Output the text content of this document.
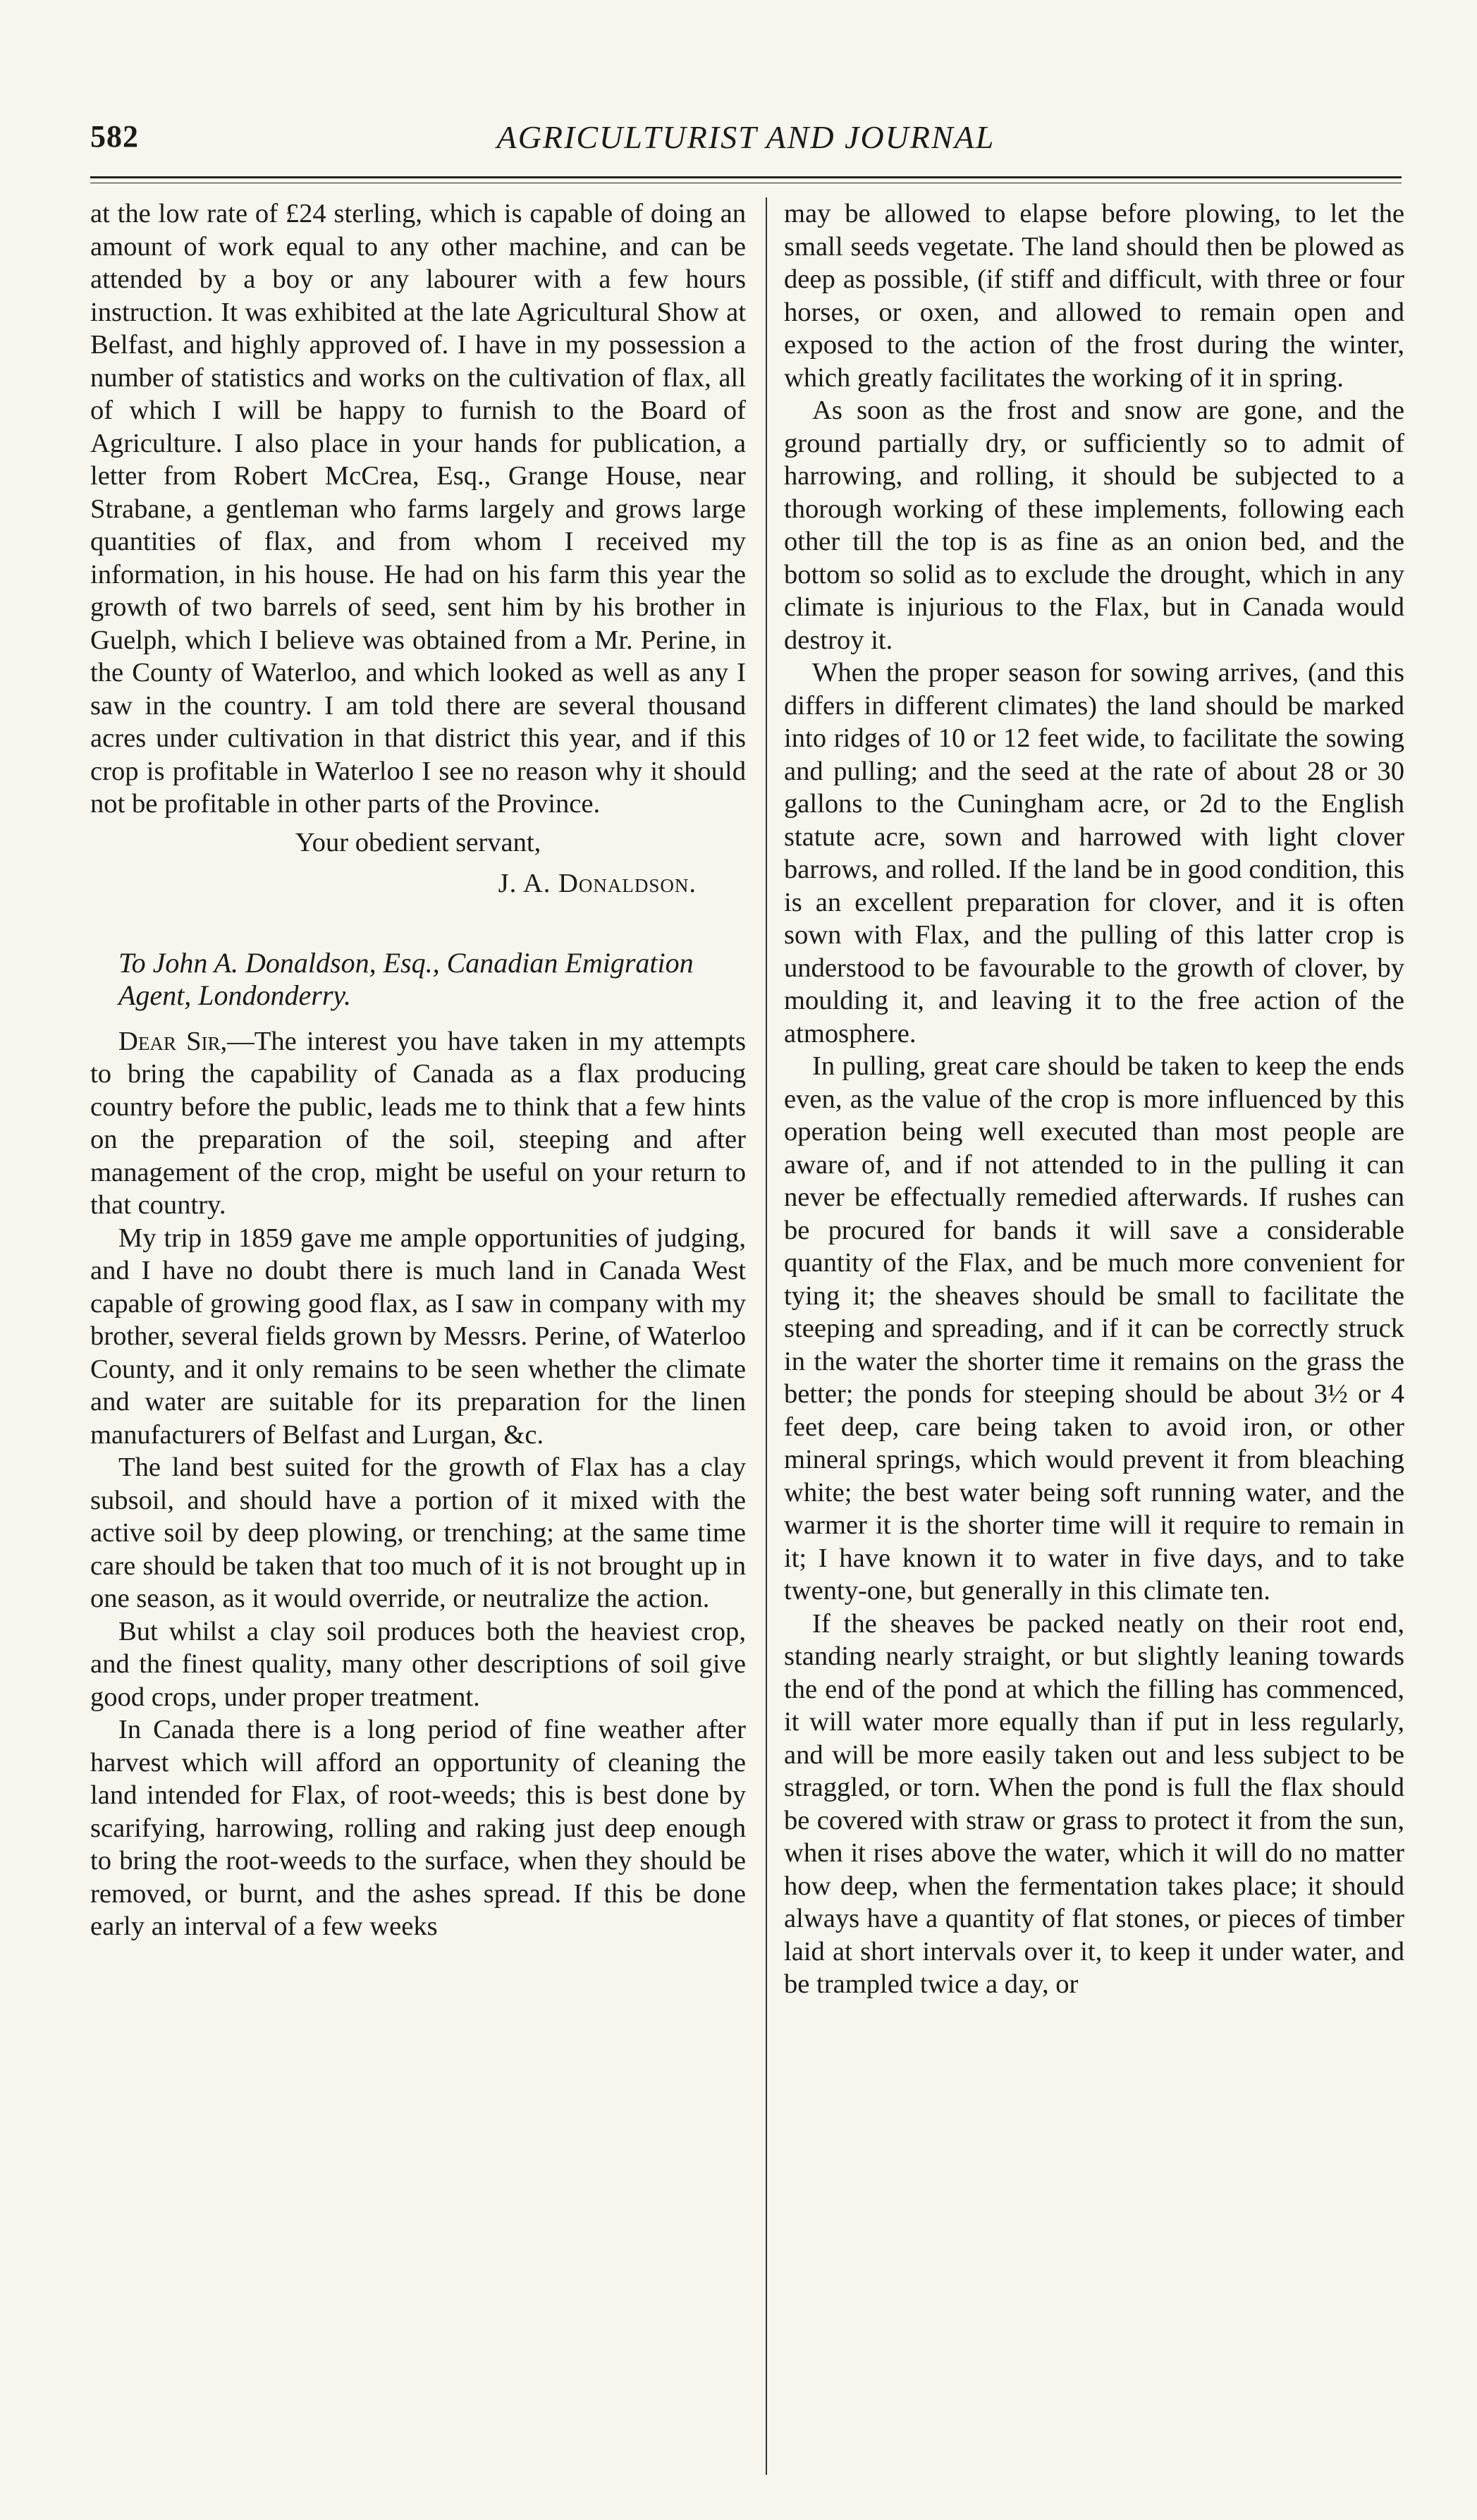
582	AGRICULTURIST AND JOURNAL

at the low rate of £24 sterling, which is capable of doing an amount of work equal to any other machine, and can be attended by a boy or any labourer with a few hours instruction. It was exhibited at the late Agricultural Show at Belfast, and highly approved of. I have in my possession a number of statistics and works on the cultivation of flax, all of which I will be happy to furnish to the Board of Agriculture. I also place in your hands for publication, a letter from Robert McCrea, Esq., Grange House, near Strabane, a gentleman who farms largely and grows large quantities of flax, and from whom I received my information, in his house. He had on his farm this year the growth of two barrels of seed, sent him by his brother in Guelph, which I believe was obtained from a Mr. Perine, in the County of Waterloo, and which looked as well as any I saw in the country. I am told there are several thousand acres under cultivation in that district this year, and if this crop is profitable in Waterloo I see no reason why it should not be profitable in other parts of the Province.

Your obedient servant,

J. A. Donaldson.

To John A. Donaldson, Esq., Canadian Emigration Agent, Londonderry.

Dear Sir,—The interest you have taken in my attempts to bring the capability of Canada as a flax producing country before the public, leads me to think that a few hints on the preparation of the soil, steeping and after management of the crop, might be useful on your return to that country.

My trip in 1859 gave me ample opportunities of judging, and I have no doubt there is much land in Canada West capable of growing good flax, as I saw in company with my brother, several fields grown by Messrs. Perine, of Waterloo County, and it only remains to be seen whether the climate and water are suitable for its preparation for the linen manufacturers of Belfast and Lurgan, &c.

The land best suited for the growth of Flax has a clay subsoil, and should have a portion of it mixed with the active soil by deep plowing, or trenching; at the same time care should be taken that too much of it is not brought up in one season, as it would override, or neutralize the action.

But whilst a clay soil produces both the heaviest crop, and the finest quality, many other descriptions of soil give good crops, under proper treatment.

In Canada there is a long period of fine weather after harvest which will afford an opportunity of cleaning the land intended for Flax, of root-weeds; this is best done by scarifying, harrowing, rolling and raking just deep enough to bring the root-weeds to the surface, when they should be removed, or burnt, and the ashes spread. If this be done early an interval of a few weeks

may be allowed to elapse before plowing, to let the small seeds vegetate. The land should then be plowed as deep as possible, (if stiff and difficult, with three or four horses, or oxen, and allowed to remain open and exposed to the action of the frost during the winter, which greatly facilitates the working of it in spring.

As soon as the frost and snow are gone, and the ground partially dry, or sufficiently so to admit of harrowing, and rolling, it should be subjected to a thorough working of these implements, following each other till the top is as fine as an onion bed, and the bottom so solid as to exclude the drought, which in any climate is injurious to the Flax, but in Canada would destroy it.

When the proper season for sowing arrives, (and this differs in different climates) the land should be marked into ridges of 10 or 12 feet wide, to facilitate the sowing and pulling; and the seed at the rate of about 28 or 30 gallons to the Cuningham acre, or 2d to the English statute acre, sown and harrowed with light clover barrows, and rolled. If the land be in good condition, this is an excellent preparation for clover, and it is often sown with Flax, and the pulling of this latter crop is understood to be favourable to the growth of clover, by moulding it, and leaving it to the free action of the atmosphere.

In pulling, great care should be taken to keep the ends even, as the value of the crop is more influenced by this operation being well executed than most people are aware of, and if not attended to in the pulling it can never be effectually remedied afterwards. If rushes can be procured for bands it will save a considerable quantity of the Flax, and be much more convenient for tying it; the sheaves should be small to facilitate the steeping and spreading, and if it can be correctly struck in the water the shorter time it remains on the grass the better; the ponds for steeping should be about 3½ or 4 feet deep, care being taken to avoid iron, or other mineral springs, which would prevent it from bleaching white; the best water being soft running water, and the warmer it is the shorter time will it require to remain in it; I have known it to water in five days, and to take twenty-one, but generally in this climate ten.

If the sheaves be packed neatly on their root end, standing nearly straight, or but slightly leaning towards the end of the pond at which the filling has commenced, it will water more equally than if put in less regularly, and will be more easily taken out and less subject to be straggled, or torn. When the pond is full the flax should be covered with straw or grass to protect it from the sun, when it rises above the water, which it will do no matter how deep, when the fermentation takes place; it should always have a quantity of flat stones, or pieces of timber laid at short intervals over it, to keep it under water, and be trampled twice a day, or
